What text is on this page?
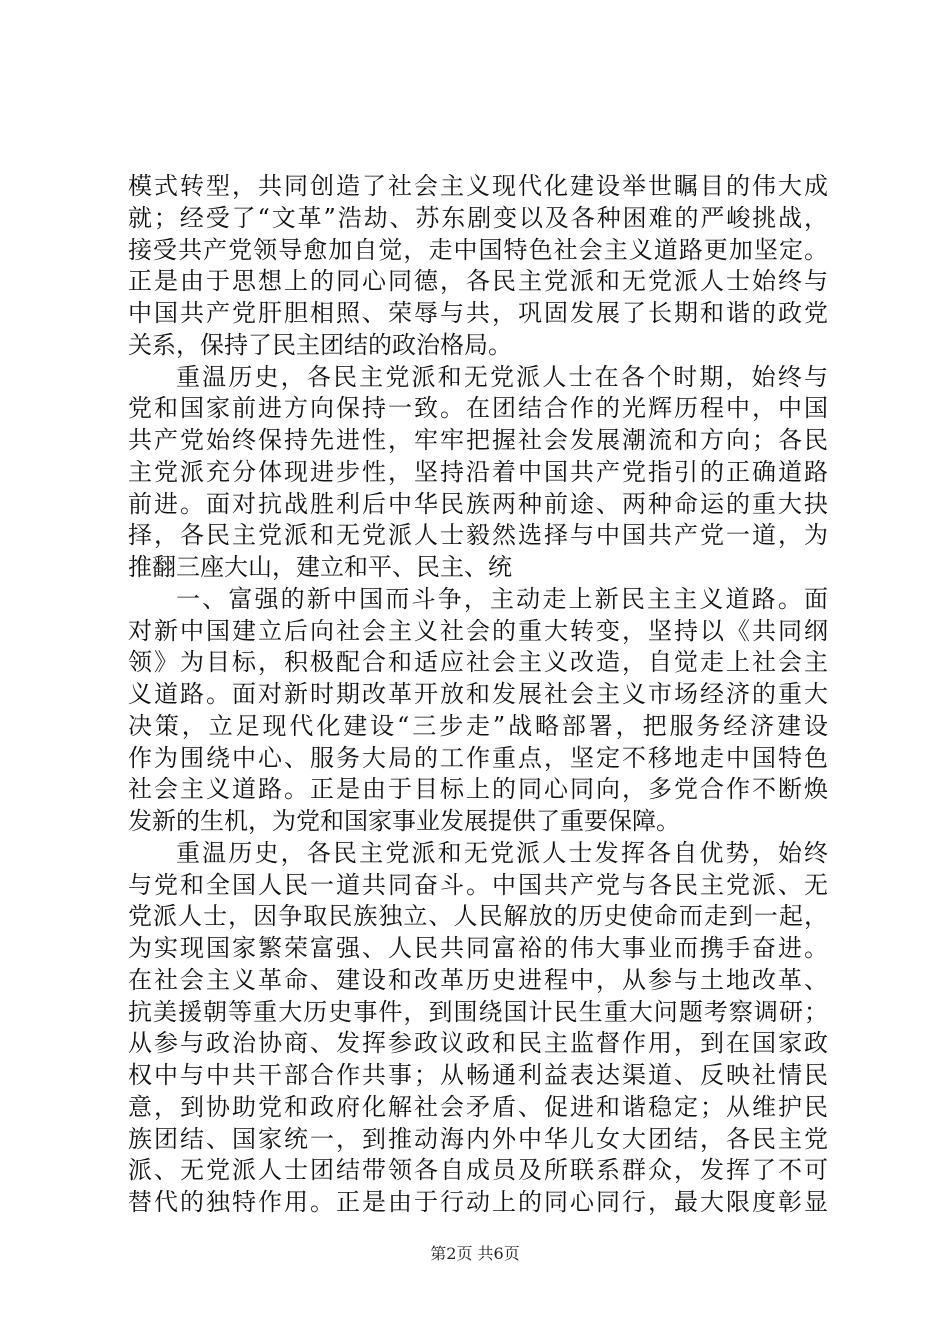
模式转型，共同创造了社会主义现代化建设举世瞩目的伟大成
就；经受了“文革”浩劫、苏东剧变以及各种困难的严峻挑战，
接受共产党领导愈加自觉，走中国特色社会主义道路更加坚定。
正是由于思想上的同心同德，各民主党派和无党派人士始终与
中国共产党肝胆相照、荣辱与共，巩固发展了长期和谐的政党
关系，保持了民主团结的政治格局。
重温历史，各民主党派和无党派人士在各个时期，始终与
党和国家前进方向保持一致。在团结合作的光辉历程中，中国
共产党始终保持先进性，牢牢把握社会发展潮流和方向；各民
主党派充分体现进步性，坚持沿着中国共产党指引的正确道路
前进。面对抗战胜利后中华民族两种前途、两种命运的重大抉
择，各民主党派和无党派人士毅然选择与中国共产党一道，为
推翻三座大山，建立和平、民主、统
一、富强的新中国而斗争，主动走上新民主主义道路。面
对新中国建立后向社会主义社会的重大转变，坚持以《共同纲
领》为目标，积极配合和适应社会主义改造，自觉走上社会主
义道路。面对新时期改革开放和发展社会主义市场经济的重大
决策，立足现代化建设“三步走”战略部署，把服务经济建设
作为围绕中心、服务大局的工作重点，坚定不移地走中国特色
社会主义道路。正是由于目标上的同心同向，多党合作不断焕
发新的生机，为党和国家事业发展提供了重要保障。
重温历史，各民主党派和无党派人士发挥各自优势，始终
与党和全国人民一道共同奋斗。中国共产党与各民主党派、无
党派人士，因争取民族独立、人民解放的历史使命而走到一起，
为实现国家繁荣富强、人民共同富裕的伟大事业而携手奋进。
在社会主义革命、建设和改革历史进程中，从参与土地改革、
抗美援朝等重大历史事件，到围绕国计民生重大问题考察调研；
从参与政治协商、发挥参政议政和民主监督作用，到在国家政
权中与中共干部合作共事；从畅通利益表达渠道、反映社情民
意，到协助党和政府化解社会矛盾、促进和谐稳定；从维护民
族团结、国家统一，到推动海内外中华儿女大团结，各民主党
派、无党派人士团结带领各自成员及所联系群众，发挥了不可
替代的独特作用。正是由于行动上的同心同行，最大限度彰显
第2页 共6页
